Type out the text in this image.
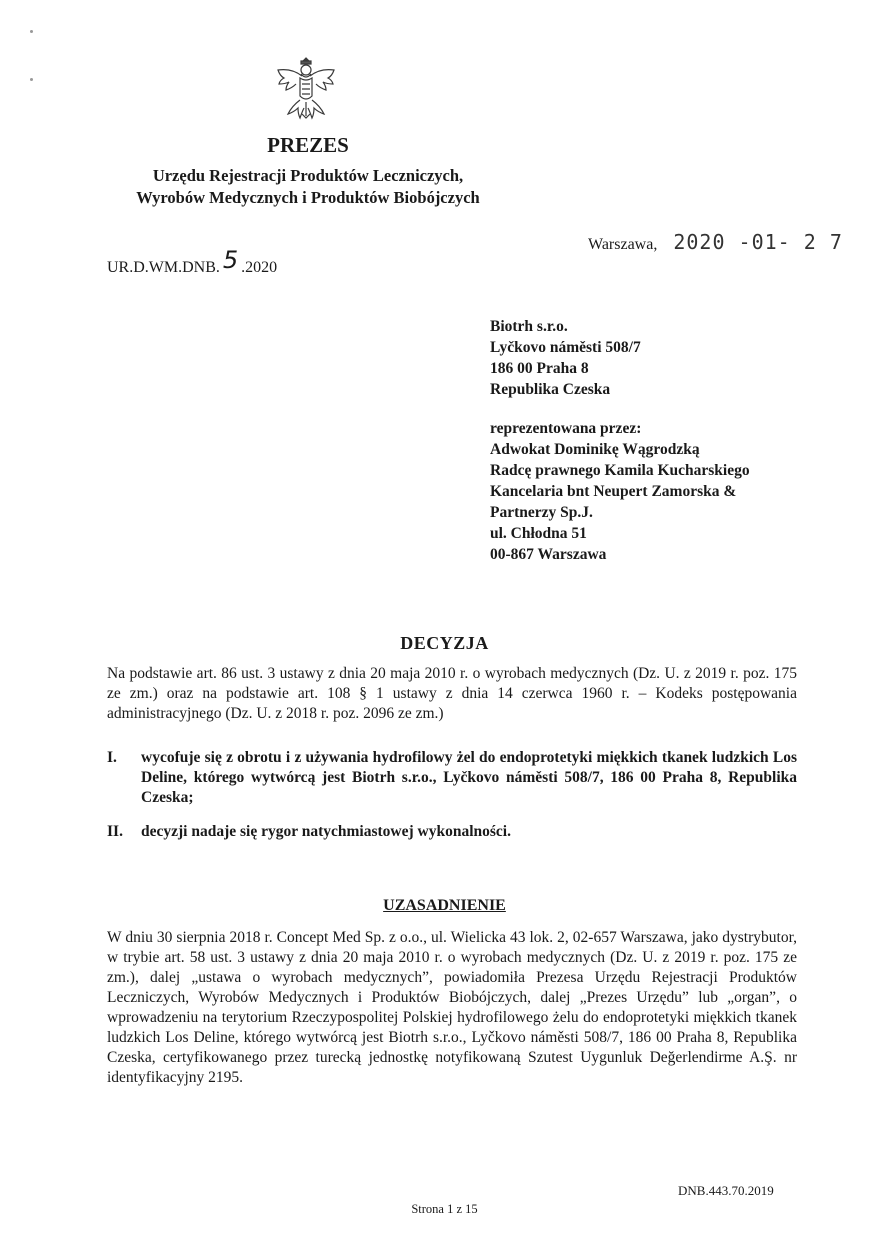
PREZES
Urzędu Rejestracji Produktów Leczniczych,
Wyrobów Medycznych i Produktów Biobójczych
UR.D.WM.DNB. 5 .2020
Warszawa, 2020 -01- 2 7
Biotrh s.r.o.
Lyčkovo náměsti 508/7
186 00 Praha 8
Republika Czeska
reprezentowana przez:
Adwokat Dominikę Wągrodzką
Radcę prawnego Kamila Kucharskiego
Kancelaria bnt Neupert Zamorska &
Partnerzy Sp.J.
ul. Chłodna 51
00-867 Warszawa
DECYZJA
Na podstawie art. 86 ust. 3 ustawy z dnia 20 maja 2010 r. o wyrobach medycznych (Dz. U. z 2019 r. poz. 175 ze zm.) oraz na podstawie art. 108 § 1 ustawy z dnia 14 czerwca 1960 r. – Kodeks postępowania administracyjnego (Dz. U. z 2018 r. poz. 2096 ze zm.)
I. wycofuje się z obrotu i z używania hydrofilowy żel do endoprotetyki miękkich tkanek ludzkich Los Deline, którego wytwórcą jest Biotrh s.r.o., Lyčkovo náměsti 508/7, 186 00 Praha 8, Republika Czeska;
II. decyzji nadaje się rygor natychmiastowej wykonalności.
UZASADNIENIE
W dniu 30 sierpnia 2018 r. Concept Med Sp. z o.o., ul. Wielicka 43 lok. 2, 02-657 Warszawa, jako dystrybutor, w trybie art. 58 ust. 3 ustawy z dnia 20 maja 2010 r. o wyrobach medycznych (Dz. U. z 2019 r. poz. 175 ze zm.), dalej „ustawa o wyrobach medycznych”, powiadomiła Prezesa Urzędu Rejestracji Produktów Leczniczych, Wyrobów Medycznych i Produktów Biobójczych, dalej „Prezes Urzędu” lub „organ”, o wprowadzeniu na terytorium Rzeczypospolitej Polskiej hydrofilowego żelu do endoprotetyki miękkich tkanek ludzkich Los Deline, którego wytwórcą jest Biotrh s.r.o., Lyčkovo náměsti 508/7, 186 00 Praha 8, Republika Czeska, certyfikowanego przez turecką jednostkę notyfikowaną Szutest Uygunluk Değerlendirme A.Ş. nr identyfikacyjny 2195.
DNB.443.70.2019
Strona 1 z 15
